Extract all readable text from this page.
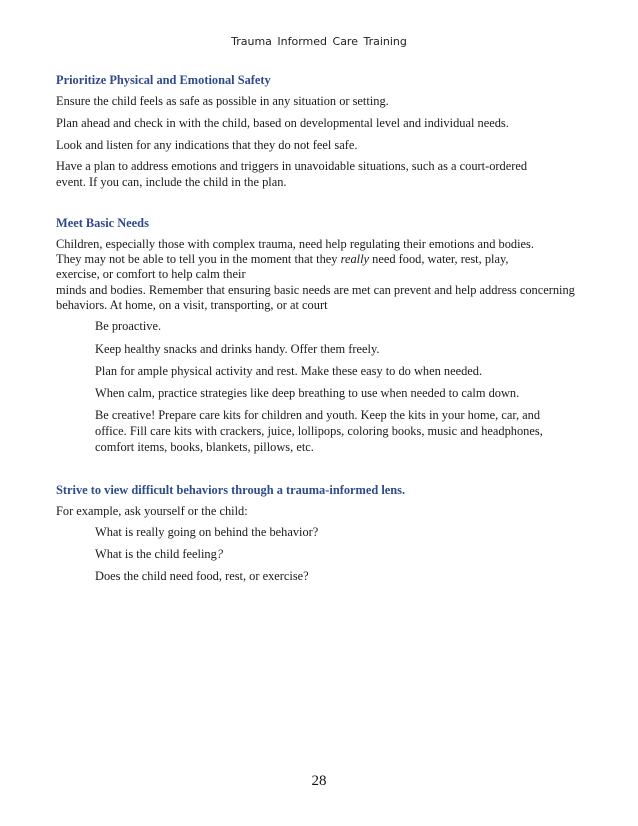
Trauma Informed Care Training
Prioritize Physical and Emotional Safety
Ensure the child feels as safe as possible in any situation or setting.
Plan ahead and check in with the child, based on developmental level and individual needs.
Look and listen for any indications that they do not feel safe.
Have a plan to address emotions and triggers in unavoidable situations, such as a court-ordered
event. If you can, include the child in the plan.
Meet Basic Needs
Children, especially those with complex trauma, need help regulating their emotions and bodies.
They may not be able to tell you in the moment that they really need food, water, rest, play,
exercise, or comfort to help calm their
minds and bodies. Remember that ensuring basic needs are met can prevent and help address concerning
behaviors. At home, on a visit, transporting, or at court
Be proactive.
Keep healthy snacks and drinks handy. Offer them freely.
Plan for ample physical activity and rest. Make these easy to do when needed.
When calm, practice strategies like deep breathing to use when needed to calm down.
Be creative! Prepare care kits for children and youth. Keep the kits in your home, car, and
office. Fill care kits with crackers, juice, lollipops, coloring books, music and headphones,
comfort items, books, blankets, pillows, etc.
Strive to view difficult behaviors through a trauma-informed lens.
For example, ask yourself or the child:
What is really going on behind the behavior?
What is the child feeling?
Does the child need food, rest, or exercise?
28
